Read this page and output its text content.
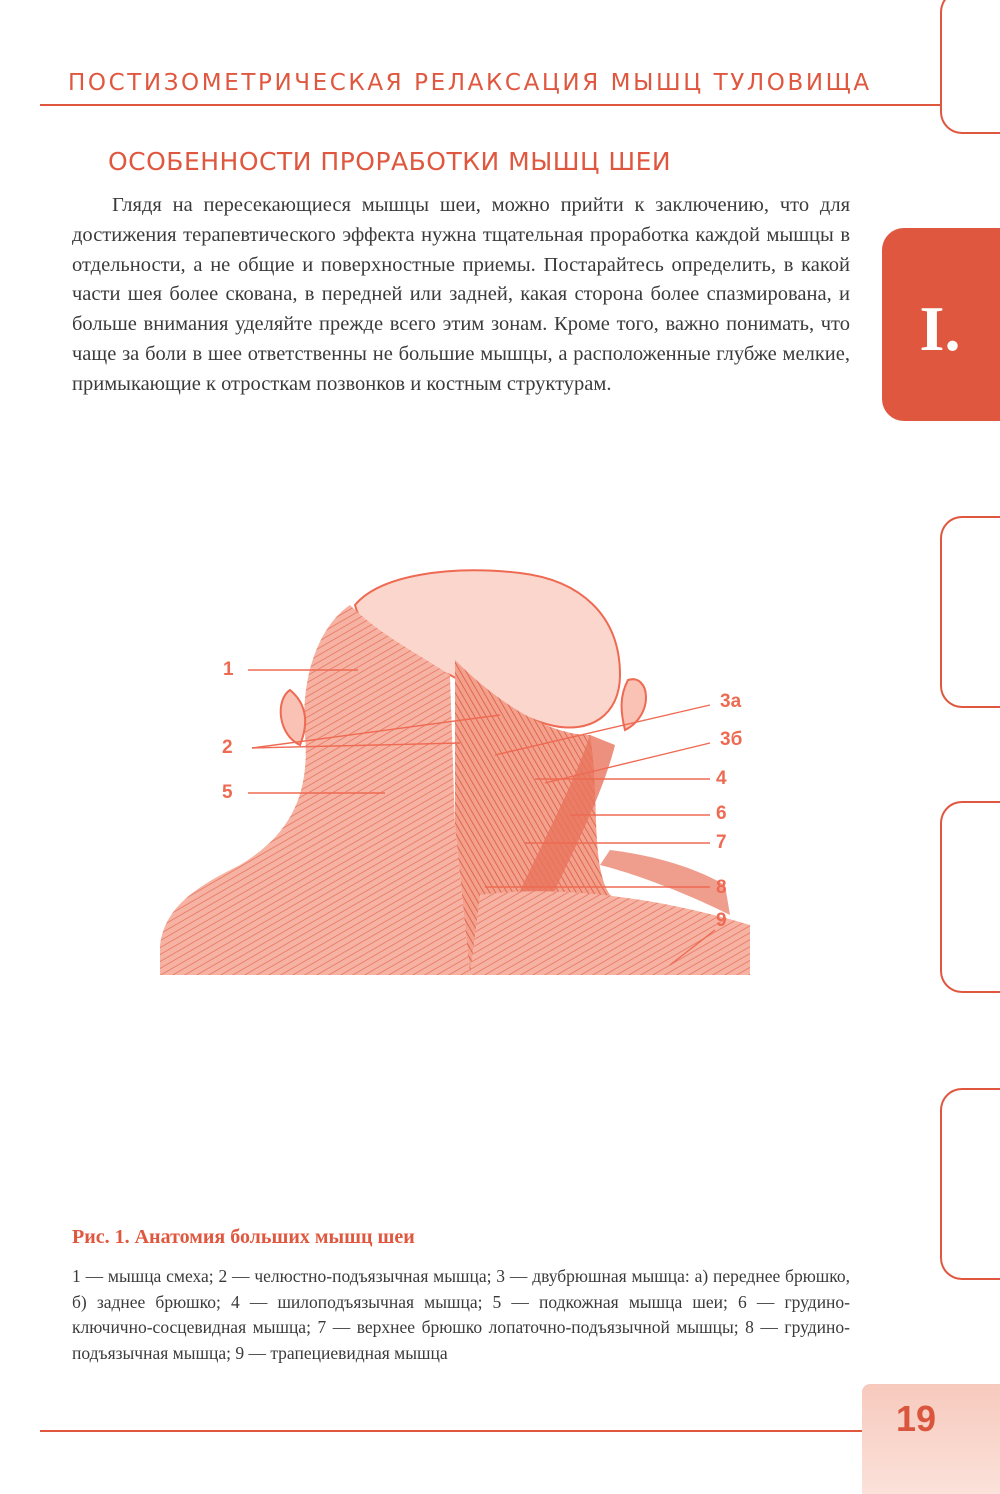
ПОСТИЗОМЕТРИЧЕСКАЯ РЕЛАКСАЦИЯ МЫШЦ ТУЛОВИЩА
I.
ОСОБЕННОСТИ ПРОРАБОТКИ МЫШЦ ШЕИ

Глядя на пересекающиеся мышцы шеи, можно прийти к заключению, что для достижения терапевтического эффекта нужна тщательная проработка каждой мышцы в отдельности, а не общие и поверхностные приемы. Постарайтесь определить, в какой части шея более скована, в передней или задней, какая сторона более спазмирована, и больше внимания уделяйте прежде всего этим зонам. Кроме того, важно понимать, что чаще за боли в шее ответственны не большие мышцы, а расположенные глубже мелкие, примыкающие к отросткам позвонков и костным структурам.

1
2
5
3а
3б
4
6
7
8
9
Рис. 1. Анатомия больших мышц шеи

1 — мышца смеха; 2 — челюстно-подъязычная мышца; 3 — двубрюшная мышца: а) переднее брюшко, б) заднее брюшко; 4 — шилоподъязычная мышца; 5 — подкожная мышца шеи; 6 — грудино-ключично-сосцевидная мышца; 7 — верхнее брюшко лопаточно-подъязычной мышцы; 8 — грудино-подъязычная мышца; 9 — трапециевидная мышца

19
